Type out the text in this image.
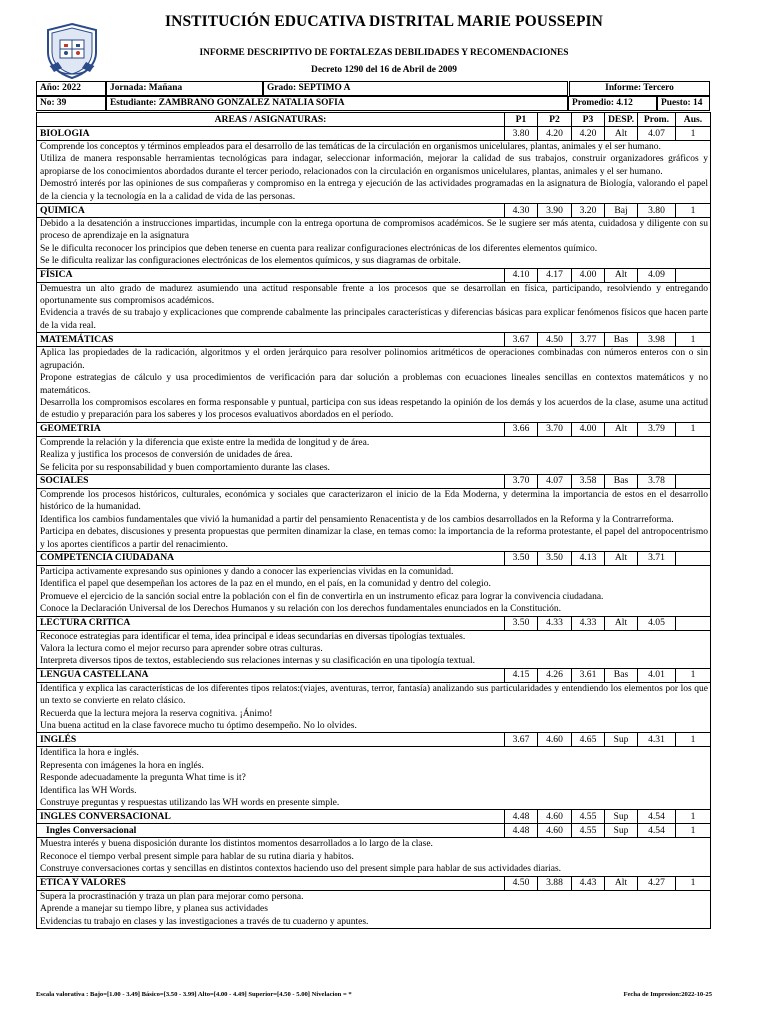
INSTITUCIÓN EDUCATIVA DISTRITAL MARIE POUSSEPIN
INFORME DESCRIPTIVO DE FORTALEZAS DEBILIDADES Y RECOMENDACIONES
Decreto 1290 del 16 de Abril de 2009
Año: 2022	Jornada: Mañana	Grado: SEPTIMO A	Informe: Tercero
No: 39	Estudiante: ZAMBRANO GONZALEZ NATALIA SOFIA	Promedio: 4.12	Puesto: 14
AREAS / ASIGNATURAS:	P1	P2	P3	DESP.	Prom.	Aus.
BIOLOGIA	3.80	4.20	4.20	Alt	4.07	1

Comprende los conceptos y términos empleados para el desarrollo de las temáticas de la circulación en organismos unicelulares, plantas, animales y el ser humano.
Utiliza de manera responsable herramientas tecnológicas para indagar, seleccionar información, mejorar la calidad de sus trabajos, construir organizadores gráficos y apropiarse de los conocimientos abordados durante el tercer periodo, relacionados con la circulación en organismos unicelulares, plantas, animales y el ser humano.
Demostró interés por las opiniones de sus compañeras y compromiso en la entrega y ejecución de las actividades programadas en la asignatura de Biología, valorando el papel de la ciencia y la tecnología en la a calidad de vida de las personas.						

QUIMICA	4.30	3.90	3.20	Baj	3.80	1

Debido a la desatención a instrucciones impartidas, incumple con la entrega oportuna de compromisos académicos. Se le sugiere ser más atenta, cuidadosa y diligente con su proceso de aprendizaje en la asignatura
Se le dificulta reconocer los principios que deben tenerse en cuenta para realizar configuraciones electrónicas de los diferentes elementos químico.
Se le dificulta realizar las configuraciones electrónicas de los elementos químicos, y sus diagramas de orbitale.						

FÍSICA	4.10	4.17	4.00	Alt	4.09	

Demuestra un alto grado de madurez asumiendo una actitud responsable frente a los procesos que se desarrollan en física, participando, resolviendo y entregando oportunamente sus compromisos académicos.
Evidencia a través de su trabajo y explicaciones que comprende cabalmente las principales características y diferencias básicas para explicar fenómenos físicos que hacen parte de la vida real.						

MATEMÁTICAS	3.67	4.50	3.77	Bas	3.98	1

Aplica las propiedades de la radicación, algoritmos y el orden jerárquico para resolver polinomios aritméticos de operaciones combinadas con números enteros con o sin agrupación.
Propone estrategias de cálculo y usa procedimientos de verificación para dar solución a problemas con ecuaciones lineales sencillas en contextos matemáticos y no matemáticos.
Desarrolla los compromisos escolares en forma responsable y puntual, participa con sus ideas respetando la opinión de los demás y los acuerdos de la clase, asume una actitud de estudio y preparación para los saberes y los procesos evaluativos abordados en el período.						

GEOMETRIA	3.66	3.70	4.00	Alt	3.79	1

Comprende la relación y la diferencia que existe entre la medida de longitud y de área.
Realiza y justifica los procesos de conversión de unidades de área.
Se felicita por su responsabilidad y buen comportamiento durante las clases.						

SOCIALES	3.70	4.07	3.58	Bas	3.78	

Comprende los procesos históricos, culturales, económica y sociales que caracterizaron el inicio de la Eda Moderna, y determina la importancia de estos en el desarrollo histórico de la humanidad.
Identifica los cambios fundamentales que vivió la humanidad a partir del pensamiento Renacentista y de los cambios desarrollados en la Reforma y la Contrarreforma.
Participa en debates, discusiones y presenta propuestas que permiten dinamizar la clase, en temas como: la importancia de la reforma protestante, el papel del antropocentrismo y los aportes científicos a partir del renacimiento.						

COMPETENCIA CIUDADANA	3.50	3.50	4.13	Alt	3.71	

Participa activamente expresando sus opiniones y dando a conocer las experiencias vividas en la comunidad.
Identifica el papel que desempeñan los actores de la paz en el mundo, en el país, en la comunidad y dentro del colegio.
Promueve el ejercicio de la sanción social entre la población con el fin de convertirla en un instrumento eficaz para lograr la convivencia ciudadana.
Conoce la Declaración Universal de los Derechos Humanos y su relación con los derechos fundamentales enunciados en la Constitución.						

LECTURA CRITICA	3.50	4.33	4.33	Alt	4.05	

Reconoce estrategias para identificar el tema, idea principal e ideas secundarias en diversas tipologías textuales.
Valora la lectura como el mejor recurso para aprender sobre otras culturas.
Interpreta diversos tipos de textos, estableciendo sus relaciones internas y su clasificación en una tipología textual.						

LENGUA CASTELLANA	4.15	4.26	3.61	Bas	4.01	1

Identifica y explica las características de los diferentes tipos relatos:(viajes, aventuras, terror, fantasía) analizando sus particularidades y entendiendo los elementos por los que un texto se convierte en relato clásico.
Recuerda que la lectura mejora la reserva cognitiva. ¡Ánimo!
Una buena actitud en la clase favorece mucho tu óptimo desempeño. No lo olvides.						

INGLÉS	3.67	4.60	4.65	Sup	4.31	1

Identifica la hora e inglés.
Representa con imágenes la hora en inglés.
Responde adecuadamente la pregunta What time is it?
Identifica las WH Words.
Construye preguntas y respuestas utilizando las WH words en presente simple.						

INGLES CONVERSACIONAL	4.48	4.60	4.55	Sup	4.54	1
Ingles Conversacional	4.48	4.60	4.55	Sup	4.54	1

Muestra interés y buena disposición durante los distintos momentos desarrollados a lo largo de la clase.
Reconoce el tiempo verbal present simple para hablar de su rutina diaria y habitos.
Construye conversaciones cortas y sencillas en distintos contextos haciendo uso del present simple para hablar de sus actividades diarias.						

ETICA Y VALORES	4.50	3.88	4.43	Alt	4.27	1

Supera la procrastinación y traza un plan para mejorar como persona.
Aprende a manejar su tiempo libre, y planea sus actividades
Evidencias tu trabajo en clases y las investigaciones a través de tu cuaderno y apuntes.						
Escala valorativa : Bajo=[1.00 - 3.49] Básico=[3.50 - 3.99] Alto=[4.00 - 4.49] Superior=[4.50 - 5.00] Nivelacion = *	Fecha de Impresion:2022-10-25
